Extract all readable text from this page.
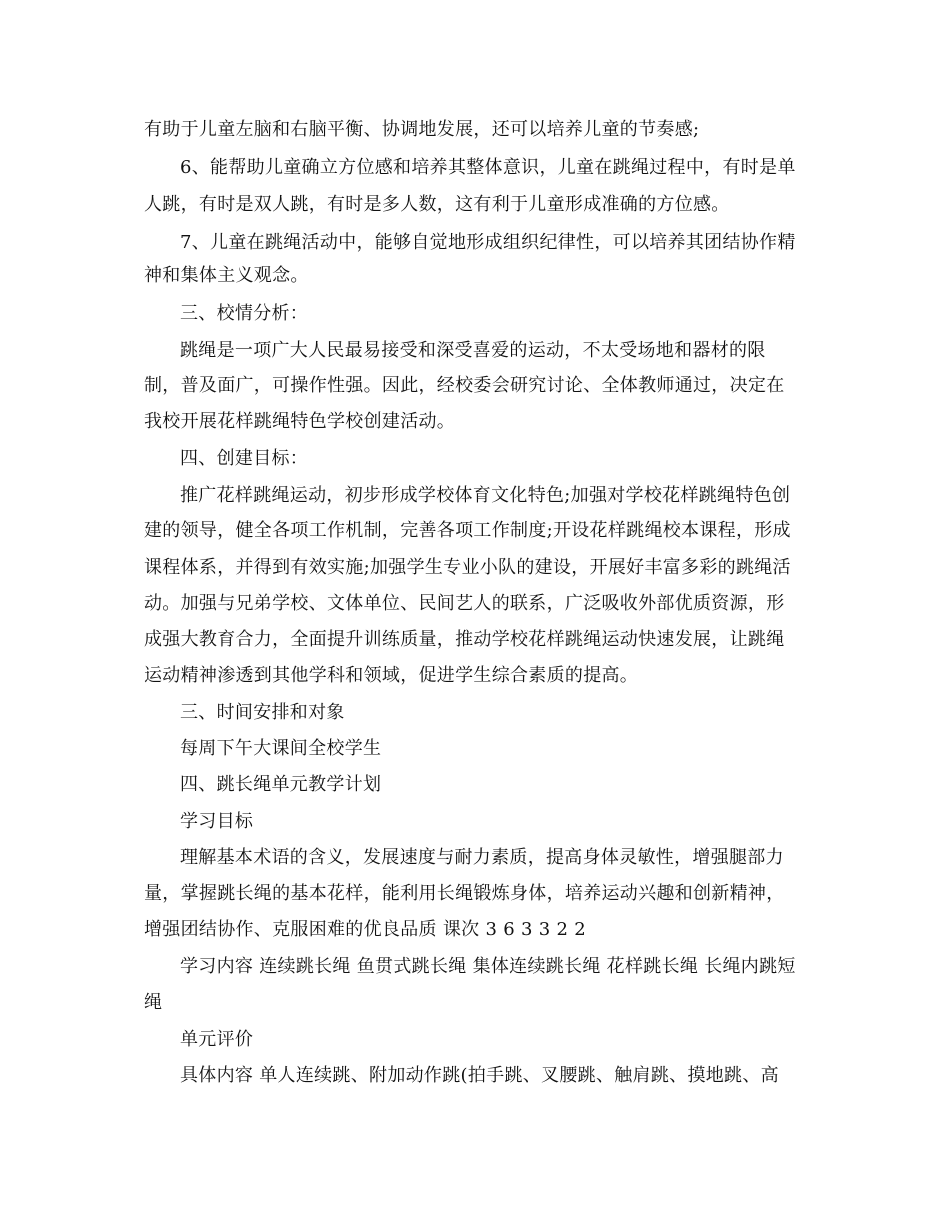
有助于儿童左脑和右脑平衡、协调地发展，还可以培养儿童的节奏感;
6、能帮助儿童确立方位感和培养其整体意识，儿童在跳绳过程中，有时是单
人跳，有时是双人跳，有时是多人数，这有利于儿童形成准确的方位感。
7、儿童在跳绳活动中，能够自觉地形成组织纪律性，可以培养其团结协作精
神和集体主义观念。
三、校情分析：
跳绳是一项广大人民最易接受和深受喜爱的运动，不太受场地和器材的限
制，普及面广，可操作性强。因此，经校委会研究讨论、全体教师通过，决定在
我校开展花样跳绳特色学校创建活动。
四、创建目标：
推广花样跳绳运动，初步形成学校体育文化特色;加强对学校花样跳绳特色创
建的领导，健全各项工作机制，完善各项工作制度;开设花样跳绳校本课程，形成
课程体系，并得到有效实施;加强学生专业小队的建设，开展好丰富多彩的跳绳活
动。加强与兄弟学校、文体单位、民间艺人的联系，广泛吸收外部优质资源，形
成强大教育合力，全面提升训练质量，推动学校花样跳绳运动快速发展，让跳绳
运动精神渗透到其他学科和领域，促进学生综合素质的提高。
三、时间安排和对象
每周下午大课间全校学生
四、跳长绳单元教学计划
学习目标
理解基本术语的含义，发展速度与耐力素质，提高身体灵敏性，增强腿部力
量，掌握跳长绳的基本花样，能利用长绳锻炼身体，培养运动兴趣和创新精神，
增强团结协作、克服困难的优良品质 课次 3 6 3 3 2 2
学习内容 连续跳长绳 鱼贯式跳长绳 集体连续跳长绳 花样跳长绳 长绳内跳短
绳
单元评价
具体内容 单人连续跳、附加动作跳(拍手跳、叉腰跳、触肩跳、摸地跳、高
